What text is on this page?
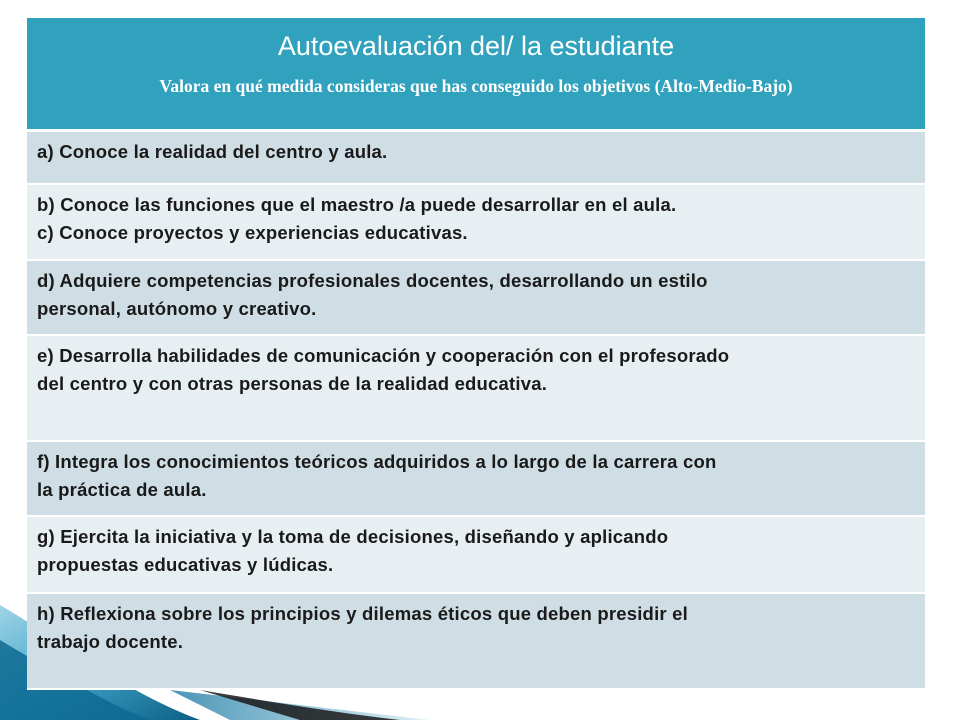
Autoevaluación del/ la estudiante
Valora en qué medida consideras que has conseguido los objetivos (Alto-Medio-Bajo)
a) Conoce la realidad del centro y aula.
b) Conoce las funciones que el maestro /a puede desarrollar en el aula.
c) Conoce proyectos y experiencias educativas.
d) Adquiere competencias profesionales docentes, desarrollando un estilo
personal, autónomo y creativo.
e) Desarrolla habilidades de comunicación y cooperación con el profesorado
del centro y con otras personas de la realidad educativa.
f) Integra los conocimientos teóricos adquiridos a lo largo de la carrera con
la práctica de aula.
g) Ejercita la iniciativa y la toma de decisiones, diseñando y aplicando
propuestas educativas y lúdicas.
h) Reflexiona sobre los principios y dilemas éticos que deben presidir el
trabajo docente.
